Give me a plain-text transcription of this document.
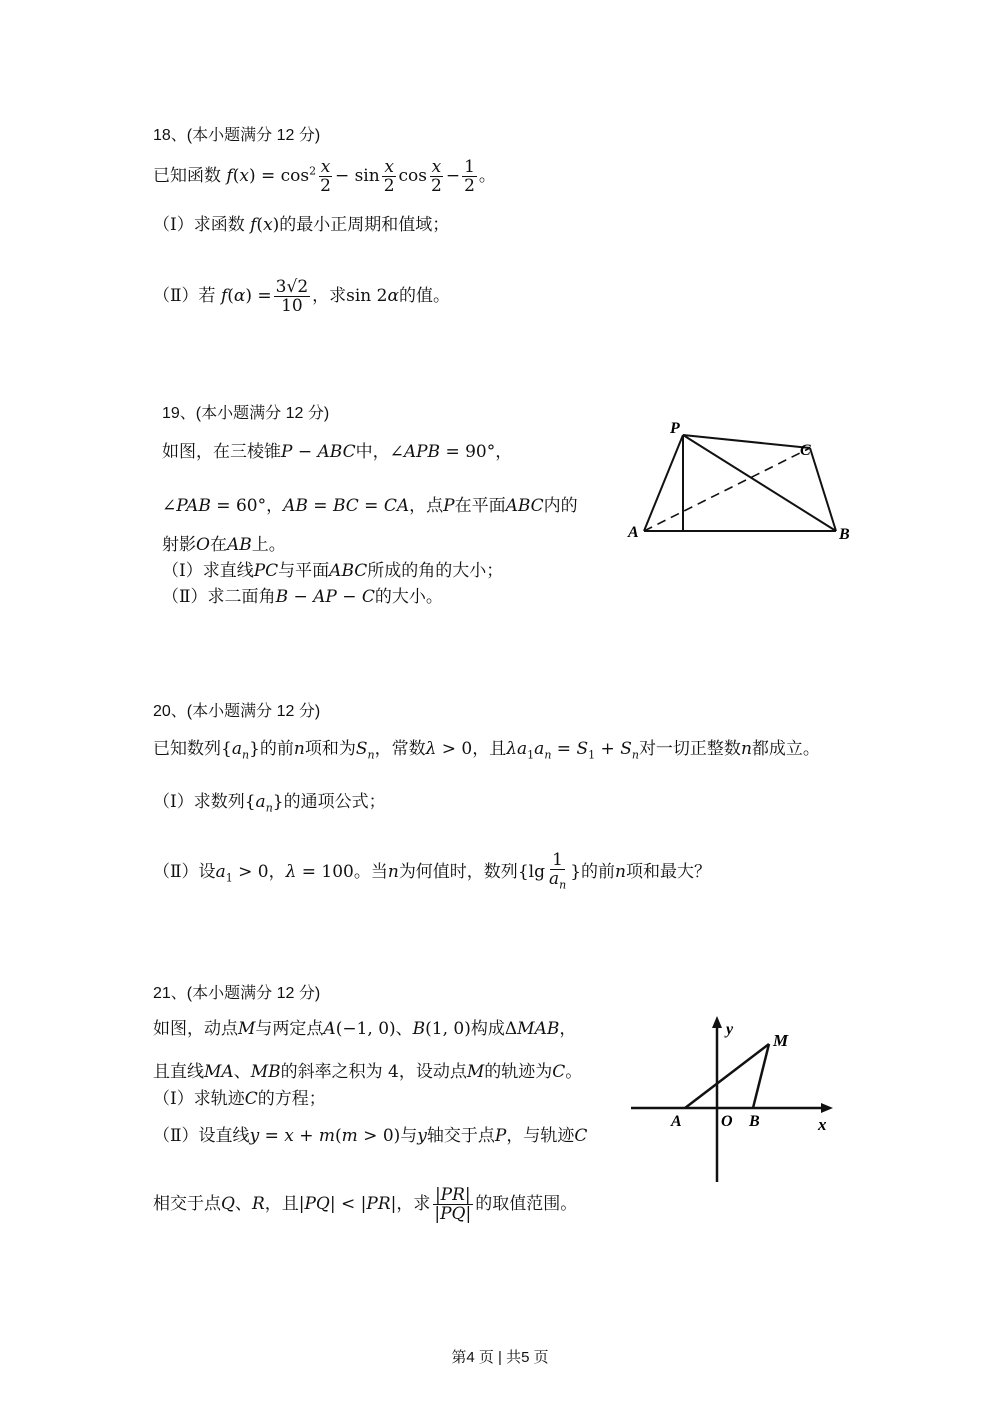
18、(本小题满分 12 分)
已知函数 $f(x) = \cos^2 \frac{x}{2} - \sin \frac{x}{2}$ $\cos \frac{x}{2} - \frac{1}{2}$ 。
（Ⅰ）求函数 f(x)的最小正周期和值域；
（Ⅱ）若 $f(\alpha) = \frac{3√2}{10}$ ，求sin 2α的值。
19、(本小题满分 12 分)
如图，在三棱锥P − ABC中，∠APB = 90°，
∠PAB = 60°，AB = BC = CA，点P在平面ABC内的
射影O在AB上。
（Ⅰ）求直线PC与平面ABC所成的角的大小；
（Ⅱ）求二面角B − AP − C的大小。
P
C
A	B
20、(本小题满分 12 分)
已知数列$\{a_n\}$的前n项和为$S_n$，常数λ > 0，且$\lambda a_1a_n = S_1 + S_n$对一切正整数n都成立。
（Ⅰ）求数列$\{a_n\}$的通项公式；
（Ⅱ）设$a_1 > 0$，λ = 100。当n为何值时，数列{$\lg \frac{1}{a_n}$ }的前n项和最大？
21、(本小题满分 12 分)
如图，动点M与两定点A(−1, 0)、B(1, 0)构成ΔMAB，
且直线MA、MB的斜率之积为 4，设动点M的轨迹为C。
（Ⅰ）求轨迹C的方程；
（Ⅱ）设直线y = x + m(m > 0)与y轴交于点P，与轨迹C
相交于点Q、R，且|PQ| < |PR|，求 $\frac{|PR|}{|PQ|}$ 的取值范围。
y
M
A O B	x
第4 页 | 共5 页
